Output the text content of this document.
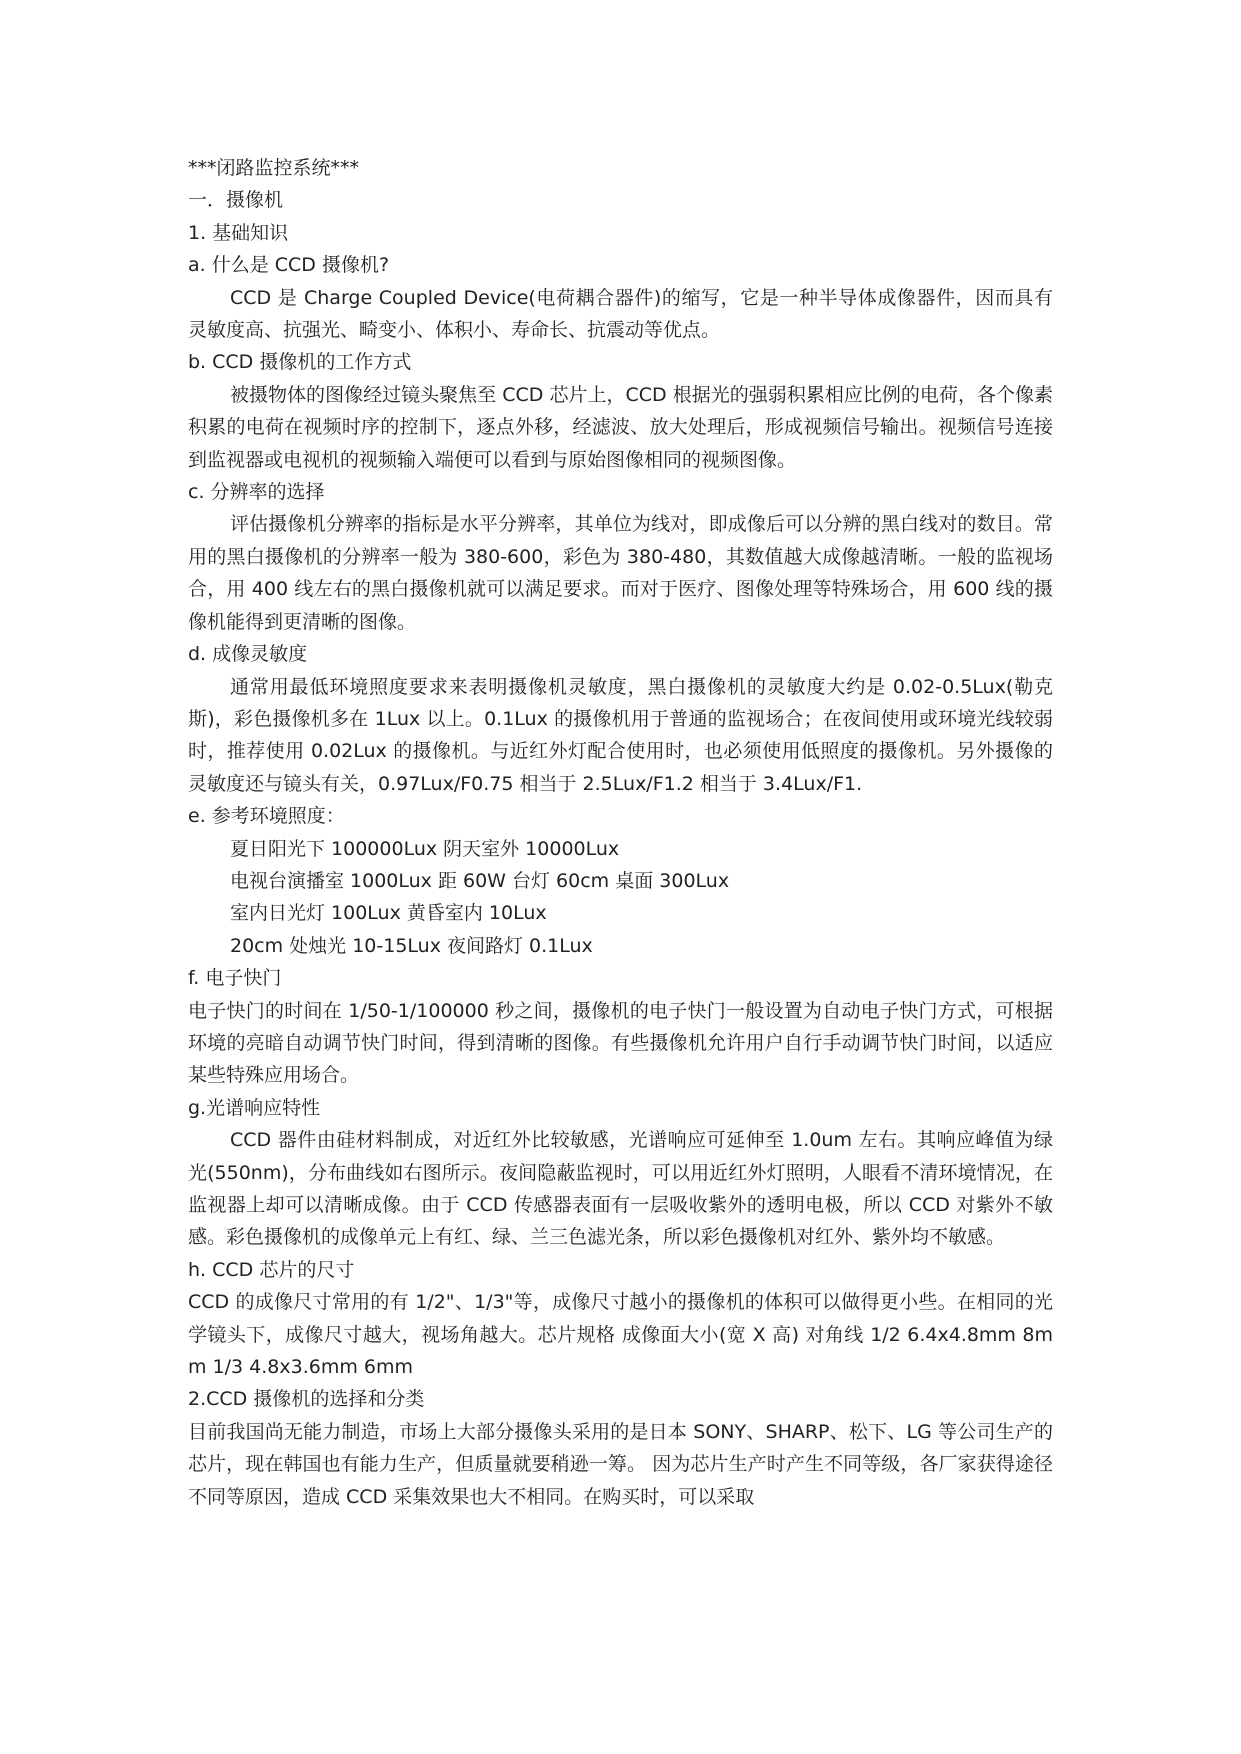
***闭路监控系统***

一．摄像机

1. 基础知识

a. 什么是 CCD 摄像机?

CCD 是 Charge Coupled Device(电荷耦合器件)的缩写，它是一种半导体成像器件，因而具有灵敏度高、抗强光、畸变小、体积小、寿命长、抗震动等优点。

b. CCD 摄像机的工作方式

被摄物体的图像经过镜头聚焦至 CCD 芯片上，CCD 根据光的强弱积累相应比例的电荷，各个像素积累的电荷在视频时序的控制下，逐点外移，经滤波、放大处理后，形成视频信号输出。视频信号连接到监视器或电视机的视频输入端便可以看到与原始图像相同的视频图像。

c. 分辨率的选择

评估摄像机分辨率的指标是水平分辨率，其单位为线对，即成像后可以分辨的黑白线对的数目。常用的黑白摄像机的分辨率一般为 380-600，彩色为 380-480，其数值越大成像越清晰。一般的监视场合，用 400 线左右的黑白摄像机就可以满足要求。而对于医疗、图像处理等特殊场合，用 600 线的摄像机能得到更清晰的图像。

d. 成像灵敏度

通常用最低环境照度要求来表明摄像机灵敏度，黑白摄像机的灵敏度大约是 0.02-0.5Lux(勒克斯)，彩色摄像机多在 1Lux 以上。0.1Lux 的摄像机用于普通的监视场合；在夜间使用或环境光线较弱时，推荐使用 0.02Lux 的摄像机。与近红外灯配合使用时，也必须使用低照度的摄像机。另外摄像的灵敏度还与镜头有关，0.97Lux/F0.75 相当于 2.5Lux/F1.2 相当于 3.4Lux/F1.

e. 参考环境照度：

夏日阳光下 100000Lux 阴天室外 10000Lux

电视台演播室 1000Lux 距 60W 台灯 60cm 桌面 300Lux

室内日光灯 100Lux 黄昏室内 10Lux

20cm 处烛光 10-15Lux 夜间路灯 0.1Lux

f. 电子快门

电子快门的时间在 1/50-1/100000 秒之间，摄像机的电子快门一般设置为自动电子快门方式，可根据环境的亮暗自动调节快门时间，得到清晰的图像。有些摄像机允许用户自行手动调节快门时间，以适应某些特殊应用场合。

g.光谱响应特性

CCD 器件由硅材料制成，对近红外比较敏感，光谱响应可延伸至 1.0um 左右。其响应峰值为绿光(550nm)，分布曲线如右图所示。夜间隐蔽监视时，可以用近红外灯照明，人眼看不清环境情况，在监视器上却可以清晰成像。由于 CCD 传感器表面有一层吸收紫外的透明电极，所以 CCD 对紫外不敏感。彩色摄像机的成像单元上有红、绿、兰三色滤光条，所以彩色摄像机对红外、紫外均不敏感。

h. CCD 芯片的尺寸

CCD 的成像尺寸常用的有 1/2"、1/3"等，成像尺寸越小的摄像机的体积可以做得更小些。在相同的光学镜头下，成像尺寸越大，视场角越大。芯片规格 成像面大小(宽 X 高) 对角线 1/2 6.4x4.8mm 8mm 1/3 4.8x3.6mm 6mm

2.CCD 摄像机的选择和分类

目前我国尚无能力制造，市场上大部分摄像头采用的是日本 SONY、SHARP、松下、LG 等公司生产的芯片，现在韩国也有能力生产，但质量就要稍逊一筹。 因为芯片生产时产生不同等级，各厂家获得途径不同等原因，造成 CCD 采集效果也大不相同。在购买时，可以采取
